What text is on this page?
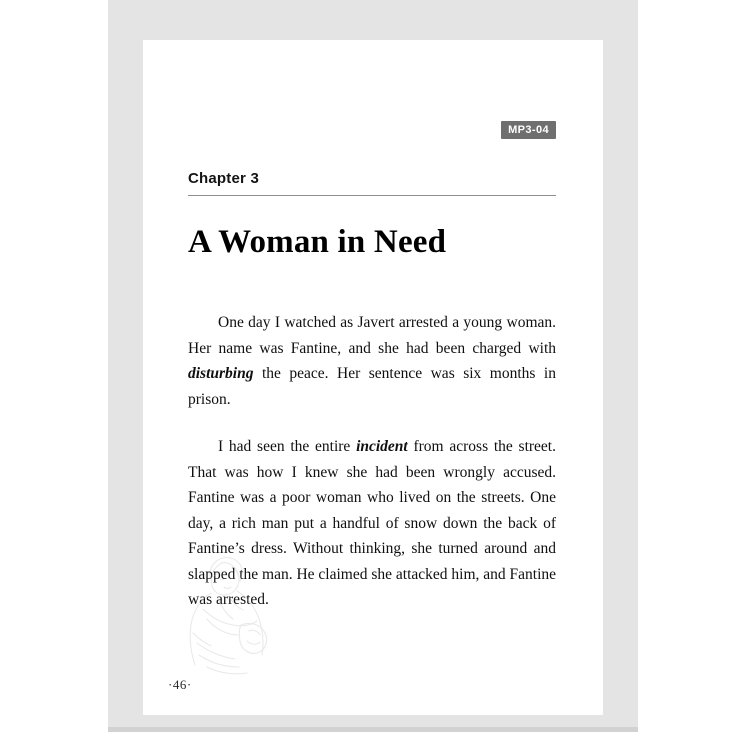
MP3-04
Chapter 3
A Woman in Need

One day I watched as Javert arrested a young woman. Her name was Fantine, and she had been charged with disturbing the peace. Her sentence was six months in prison.

I had seen the entire incident from across the street. That was how I knew she had been wrongly accused. Fantine was a poor woman who lived on the streets. One day, a rich man put a handful of snow down the back of Fantine’s dress. Without thinking, she turned around and slapped the man. He claimed she attacked him, and Fantine was arrested.

·46·
